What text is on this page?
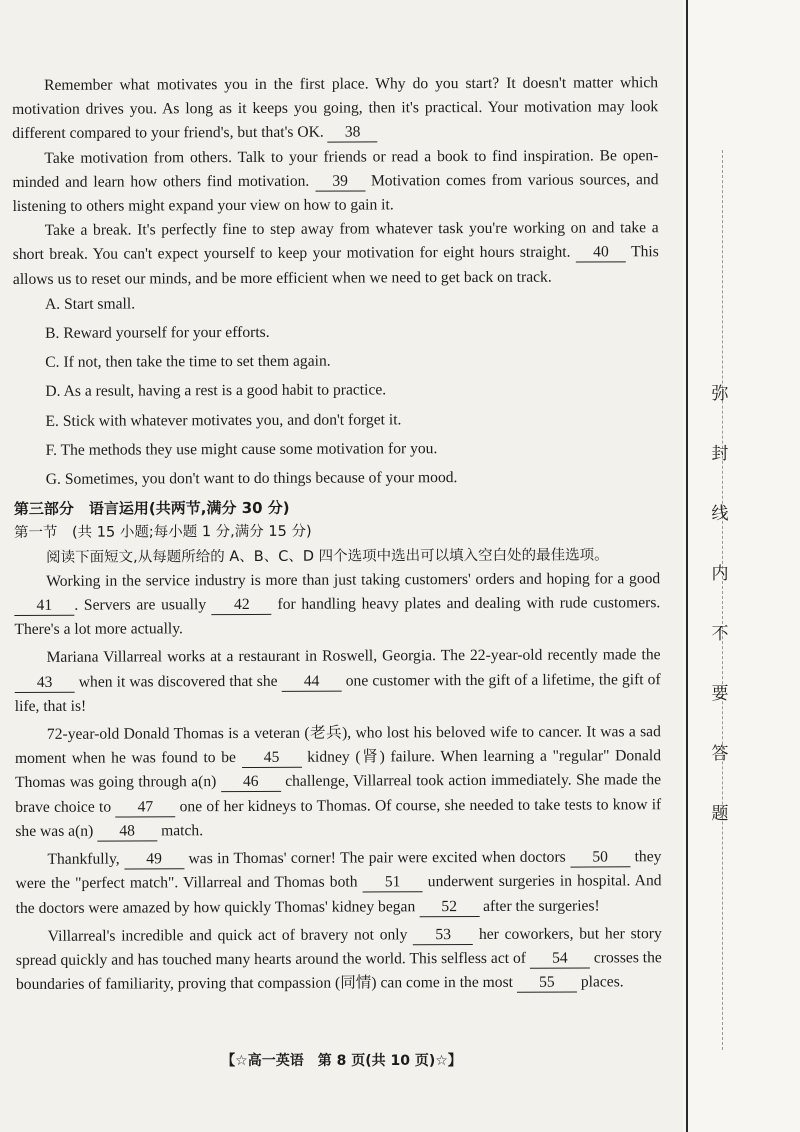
弥
封
线
内
不
要
答
题

Remember what motivates you in the first place. Why do you start? It doesn't matter which motivation drives you. As long as it keeps you going, then it's practical. Your motivation may look different compared to your friend's, but that's OK. 38

Take motivation from others. Talk to your friends or read a book to find inspiration. Be open-minded and learn how others find motivation. 39 Motivation comes from various sources, and listening to others might expand your view on how to gain it.

Take a break. It's perfectly fine to step away from whatever task you're working on and take a short break. You can't expect yourself to keep your motivation for eight hours straight. 40 This allows us to reset our minds, and be more efficient when we need to get back on track.

A. Start small.

B. Reward yourself for your efforts.

C. If not, then take the time to set them again.

D. As a result, having a rest is a good habit to practice.

E. Stick with whatever motivates you, and don't forget it.

F. The methods they use might cause some motivation for you.

G. Sometimes, you don't want to do things because of your mood.

第三部分　语言运用(共两节,满分 30 分)

第一节　(共 15 小题;每小题 1 分,满分 15 分)

阅读下面短文,从每题所给的 A、B、C、D 四个选项中选出可以填入空白处的最佳选项。

Working in the service industry is more than just taking customers' orders and hoping for a good 41 . Servers are usually 42 for handling heavy plates and dealing with rude customers. There's a lot more actually.

Mariana Villarreal works at a restaurant in Roswell, Georgia. The 22-year-old recently made the 43 when it was discovered that she 44 one customer with the gift of a lifetime, the gift of life, that is!

72-year-old Donald Thomas is a veteran (老兵), who lost his beloved wife to cancer. It was a sad moment when he was found to be 45 kidney (肾) failure. When learning a "regular" Donald Thomas was going through a(n) 46 challenge, Villarreal took action immediately. She made the brave choice to 47 one of her kidneys to Thomas. Of course, she needed to take tests to know if she was a(n) 48 match.

Thankfully, 49 was in Thomas' corner! The pair were excited when doctors 50 they were the "perfect match". Villarreal and Thomas both 51 underwent surgeries in hospital. And the doctors were amazed by how quickly Thomas' kidney began 52 after the surgeries!

Villarreal's incredible and quick act of bravery not only 53 her coworkers, but her story spread quickly and has touched many hearts around the world. This selfless act of 54 crosses the boundaries of familiarity, proving that compassion (同情) can come in the most 55 places.

【☆高一英语　第 8 页(共 10 页)☆】
